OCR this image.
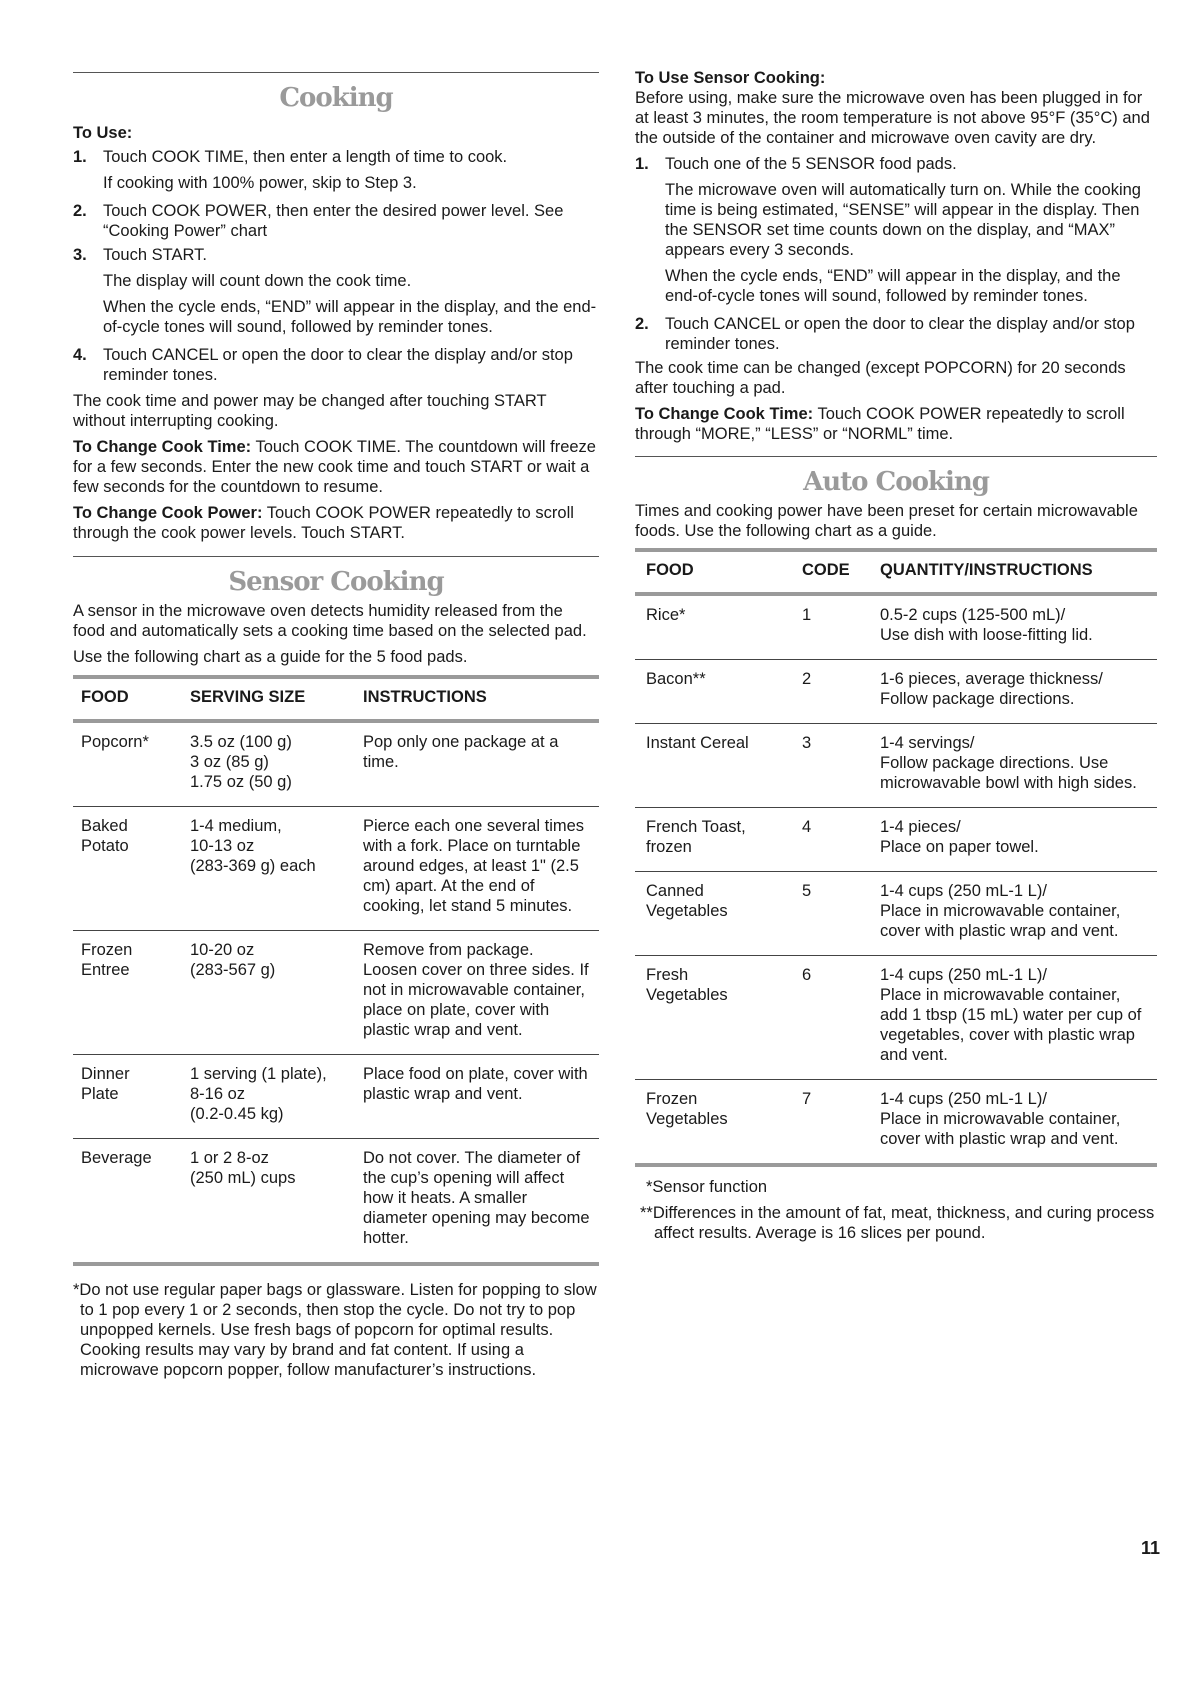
Cooking
To Use:
1. Touch COOK TIME, then enter a length of time to cook.

If cooking with 100% power, skip to Step 3.

2. Touch COOK POWER, then enter the desired power level. See “Cooking Power” chart

3. Touch START.

The display will count down the cook time.

When the cycle ends, “END” will appear in the display, and the end-of-cycle tones will sound, followed by reminder tones.

4. Touch CANCEL or open the door to clear the display and/or stop reminder tones.

The cook time and power may be changed after touching START without interrupting cooking.

To Change Cook Time: Touch COOK TIME. The countdown will freeze for a few seconds. Enter the new cook time and touch START or wait a few seconds for the countdown to resume.

To Change Cook Power: Touch COOK POWER repeatedly to scroll through the cook power levels. Touch START.

Sensor Cooking

A sensor in the microwave oven detects humidity released from the food and automatically sets a cooking time based on the selected pad.

Use the following chart as a guide for the 5 food pads.

FOOD	SERVING SIZE	INSTRUCTIONS
Popcorn*	3.5 oz (100 g)
3 oz (85 g)
1.75 oz (50 g)	Pop only one package at a time.
Baked
Potato	1-4 medium,
10-13 oz
(283-369 g) each	Pierce each one several times with a fork. Place on turntable around edges, at least 1" (2.5 cm) apart. At the end of cooking, let stand 5 minutes.
Frozen
Entree	10-20 oz
(283-567 g)	Remove from package. Loosen cover on three sides. If not in microwavable container, place on plate, cover with plastic wrap and vent.
Dinner
Plate	1 serving (1 plate),
8-16 oz
(0.2-0.45 kg)	Place food on plate, cover with plastic wrap and vent.
Beverage	1 or 2 8-oz
(250 mL) cups	Do not cover. The diameter of the cup’s opening will affect how it heats. A smaller diameter opening may become hotter.
*Do not use regular paper bags or glassware. Listen for popping to slow to 1 pop every 1 or 2 seconds, then stop the cycle. Do not try to pop unpopped kernels. Use fresh bags of popcorn for optimal results. Cooking results may vary by brand and fat content. If using a microwave popcorn popper, follow manufacturer’s instructions.
To Use Sensor Cooking:

Before using, make sure the microwave oven has been plugged in for at least 3 minutes, the room temperature is not above 95°F (35°C) and the outside of the container and microwave oven cavity are dry.

1. Touch one of the 5 SENSOR food pads.

The microwave oven will automatically turn on. While the cooking time is being estimated, “SENSE” will appear in the display. Then the SENSOR set time counts down on the display, and “MAX” appears every 3 seconds.

When the cycle ends, “END” will appear in the display, and the end-of-cycle tones will sound, followed by reminder tones.

2. Touch CANCEL or open the door to clear the display and/or stop reminder tones.

The cook time can be changed (except POPCORN) for 20 seconds after touching a pad.

To Change Cook Time: Touch COOK POWER repeatedly to scroll through “MORE,” “LESS” or “NORML” time.

Auto Cooking

Times and cooking power have been preset for certain microwavable foods. Use the following chart as a guide.

FOOD	CODE	QUANTITY/INSTRUCTIONS
Rice*	1	0.5-2 cups (125-500 mL)/
Use dish with loose-fitting lid.
Bacon**	2	1-6 pieces, average thickness/
Follow package directions.
Instant Cereal	3	1-4 servings/
Follow package directions. Use microwavable bowl with high sides.
French Toast,
frozen	4	1-4 pieces/
Place on paper towel.
Canned
Vegetables	5	1-4 cups (250 mL-1 L)/
Place in microwavable container, cover with plastic wrap and vent.
Fresh
Vegetables	6	1-4 cups (250 mL-1 L)/
Place in microwavable container, add 1 tbsp (15 mL) water per cup of vegetables, cover with plastic wrap and vent.
Frozen
Vegetables	7	1-4 cups (250 mL-1 L)/
Place in microwavable container, cover with plastic wrap and vent.
*Sensor function
**Differences in the amount of fat, meat, thickness, and curing process affect results. Average is 16 slices per pound.
11
